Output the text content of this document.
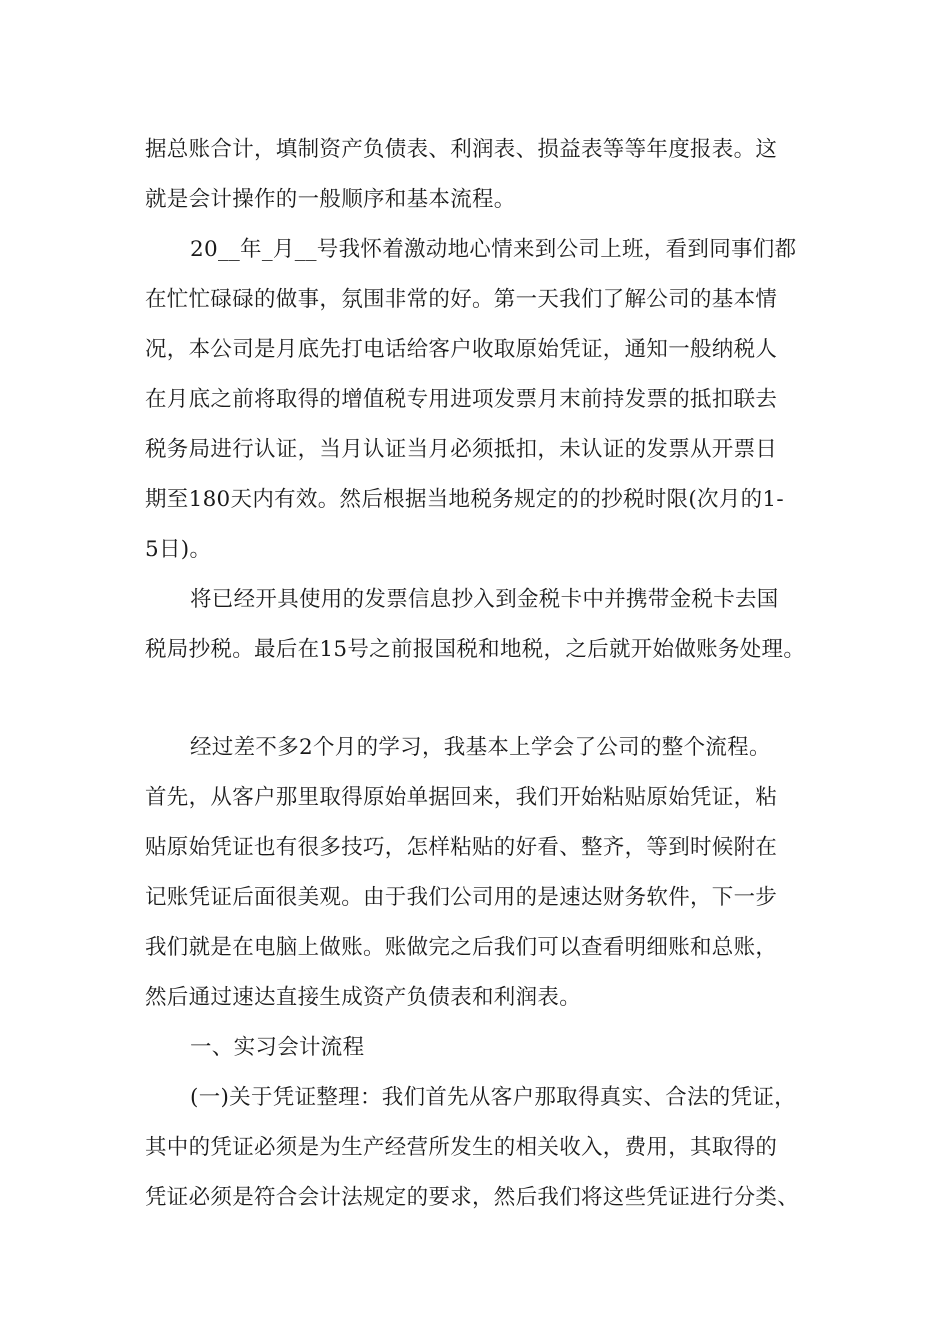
据总账合计，填制资产负债表、利润表、损益表等等年度报表。这
就是会计操作的一般顺序和基本流程。
20__年_月__号我怀着激动地心情来到公司上班，看到同事们都
在忙忙碌碌的做事，氛围非常的好。第一天我们了解公司的基本情
况，本公司是月底先打电话给客户收取原始凭证，通知一般纳税人
在月底之前将取得的增值税专用进项发票月末前持发票的抵扣联去
税务局进行认证，当月认证当月必须抵扣，未认证的发票从开票日
期至180天内有效。然后根据当地税务规定的的抄税时限(次月的1-
5日)。
将已经开具使用的发票信息抄入到金税卡中并携带金税卡去国
税局抄税。最后在15号之前报国税和地税，之后就开始做账务处理。
经过差不多2个月的学习，我基本上学会了公司的整个流程。
首先，从客户那里取得原始单据回来，我们开始粘贴原始凭证，粘
贴原始凭证也有很多技巧，怎样粘贴的好看、整齐，等到时候附在
记账凭证后面很美观。由于我们公司用的是速达财务软件，下一步
我们就是在电脑上做账。账做完之后我们可以查看明细账和总账，
然后通过速达直接生成资产负债表和利润表。
一、实习会计流程
(一)关于凭证整理：我们首先从客户那取得真实、合法的凭证，
其中的凭证必须是为生产经营所发生的相关收入，费用，其取得的
凭证必须是符合会计法规定的要求，然后我们将这些凭证进行分类、
